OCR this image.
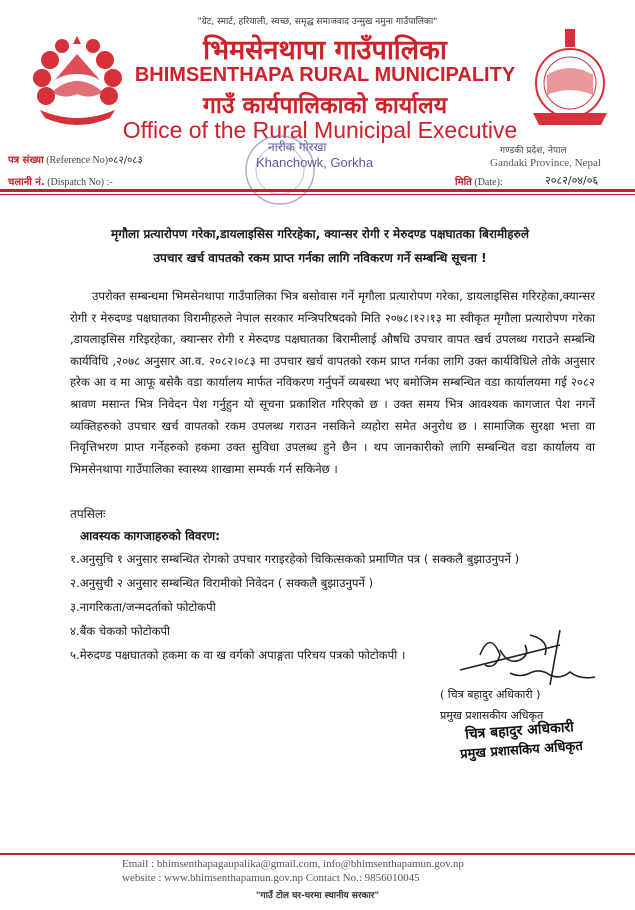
"ग्रेट, स्मार्ट, हरियाली, स्वच्छ, समृद्ध समाजवाद उन्मुख नमुना गाउँपालिका"
भिमसेनथापा गाउँपालिका
BHIMSENTHAPA RURAL MUNICIPALITY
गाउँ कार्यपालिकाको कार्यालय
Office of the Rural Municipal Executive
नारीक गोरखा
Khanchowk, Gorkha
पत्र संख्या (Reference No)०८२/०८३
चलानी नं. (Dispatch No) :-
गण्डकी प्रदेश, नेपाल
Gandaki Province, Nepal
मिति (Date):	२०८२/०४/०६
मृगौला प्रत्यारोपण गरेका,डायलाइसिस गरिरहेका, क्यान्सर रोगी र मेरुदण्ड पक्षघातका बिरामीहरुले
उपचार खर्च वापतको रकम प्राप्त गर्नका लागि नविकरण गर्ने सम्बन्धि सूचना !
उपरोक्त सम्बन्धमा भिमसेनथापा गाउँपालिका भित्र बसोवास गर्ने मृगौला प्रत्यारोपण गरेका, डायलाइसिस गरिरहेका,क्यान्सर रोगी र मेरुदण्ड पक्षघातका विरामीहरुले नेपाल सरकार मन्त्रिपरिषदको मिति २०७८।१२।१३ मा स्वीकृत मृगौला प्रत्यारोपण गरेका ,डायलाइसिस गरिइरहेका, क्यान्सर रोगी र मेरुदण्ड पक्षघातका बिरामीलाई औषधि उपचार वापत खर्च उपलब्ध गराउने सम्बन्धि कार्यविधि ,२०७८ अनुसार आ.व. २०८२।०८३ मा उपचार खर्च वापतको रकम प्राप्त गर्नका लागि उक्त कार्यविधिले तोके अनुसार हरेक आ व मा आफू बसेकै वडा कार्यालय मार्फत नविकरण गर्नुपर्ने व्यबस्था भए बमोजिम सम्बन्धित वडा कार्यालयमा गई २०८२ श्रावण मसान्त भित्र निवेदन पेश गर्नुहुन यो सूचना प्रकाशित गरिएको छ । उक्त समय भित्र आवश्यक कागजात पेश नगर्ने व्यक्तिहरुको उपचार खर्च वापतको रकम उपलब्ध गराउन नसकिने व्यहोरा समेत अनुरोध छ । सामाजिक सुरक्षा भत्ता वा निवृत्तिभरण प्राप्त गर्नेहरुको हकमा उक्त सुविधा उपलब्ध हुने छैन । थप जानकारीको लागि सम्बन्धित वडा कार्यालय वा भिमसेनथापा गाउँपालिका स्वास्थ्य शाखामा सम्पर्क गर्न सकिनेछ ।
तपसिलः
आवस्यक कागजाहरुको विवरण:
१.अनुसुचि १ अनुसार सम्बन्धित रोगको उपचार गराइरहेको चिकित्सकको प्रमाणित पत्र ( सक्कलै बुझाउनुपर्ने )
२.अनुसुची २ अनुसार सम्बन्धित विरामीको निवेदन ( सक्कलै बुझाउनुपर्ने )
३.नागरिकता/जन्मदर्ताको फोटोकपी
४.बैंक चेकको फोटोकपी
५.मेरुदण्ड पक्षघातको हकमा क वा ख वर्गको अपाङ्गता परिचय पत्रको फोटोकपी ।
( चित्र बहादुर अधिकारी )
प्रमुख प्रशासकीय अधिकृत
चित्र बहादुर अधिकारी
प्रमुख प्रशासकिय अधिकृत
Email : bhimsenthapagaupalika@gmail.com, info@bhimsenthapamun.gov.np
website : www.bhimsenthapamun.gov.np Contact No.: 9856010045
"गाउँ टोल घर-घरमा स्थानीय सरकार"
